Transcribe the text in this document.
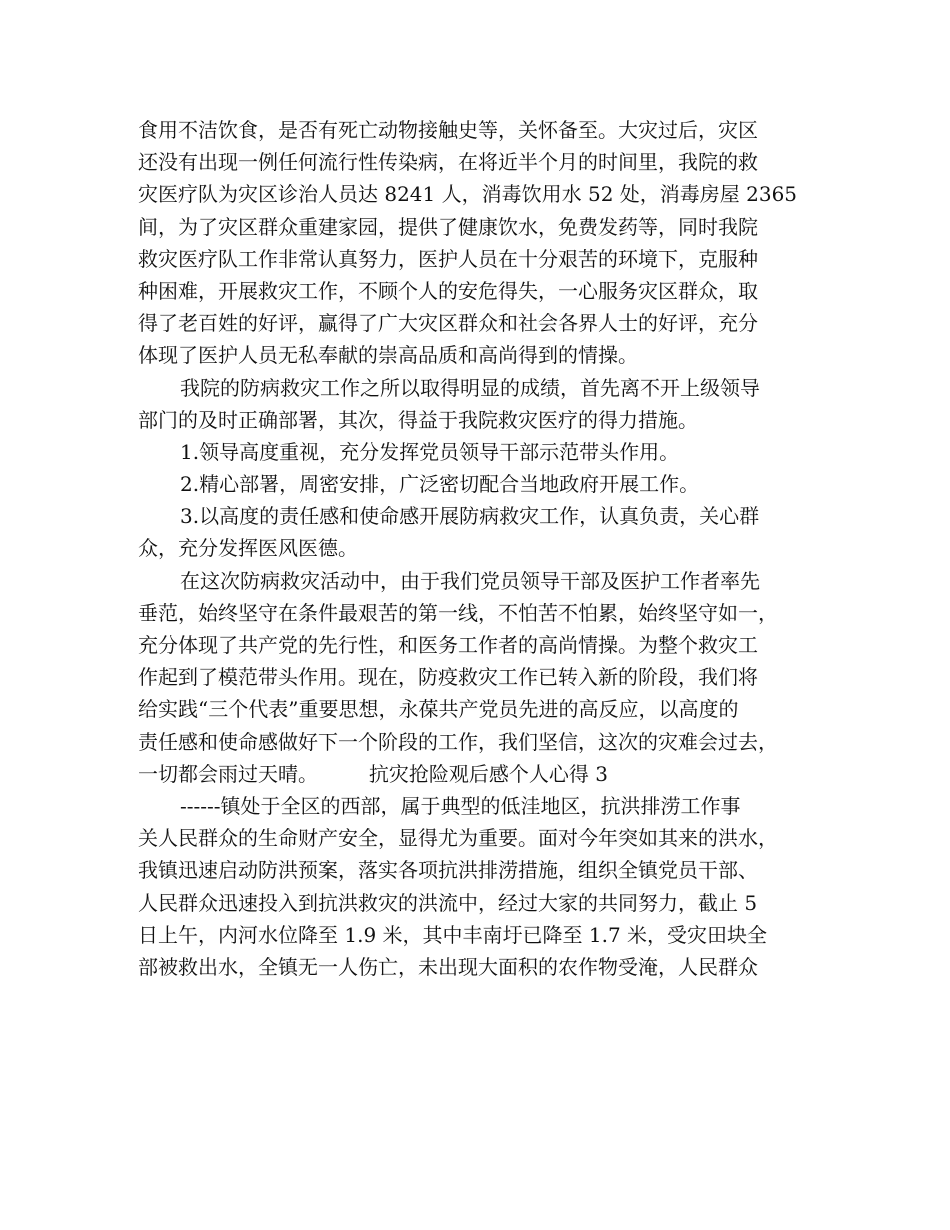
食用不洁饮食，是否有死亡动物接触史等，关怀备至。大灾过后，灾区
还没有出现一例任何流行性传染病，在将近半个月的时间里，我院的救
灾医疗队为灾区诊治人员达 8241 人，消毒饮用水 52 处，消毒房屋 2365
间，为了灾区群众重建家园，提供了健康饮水，免费发药等，同时我院
救灾医疗队工作非常认真努力，医护人员在十分艰苦的环境下，克服种
种困难，开展救灾工作，不顾个人的安危得失，一心服务灾区群众，取
得了老百姓的好评，赢得了广大灾区群众和社会各界人士的好评，充分
体现了医护人员无私奉献的崇高品质和高尚得到的情操。
我院的防病救灾工作之所以取得明显的成绩，首先离不开上级领导
部门的及时正确部署，其次，得益于我院救灾医疗的得力措施。
1.领导高度重视，充分发挥党员领导干部示范带头作用。
2.精心部署，周密安排，广泛密切配合当地政府开展工作。
3.以高度的责任感和使命感开展防病救灾工作，认真负责，关心群
众，充分发挥医风医德。
在这次防病救灾活动中，由于我们党员领导干部及医护工作者率先
垂范，始终坚守在条件最艰苦的第一线，不怕苦不怕累，始终坚守如一，
充分体现了共产党的先行性，和医务工作者的高尚情操。为整个救灾工
作起到了模范带头作用。现在，防疫救灾工作已转入新的阶段，我们将
给实践“三个代表”重要思想，永葆共产党员先进的高反应，以高度的
责任感和使命感做好下一个阶段的工作，我们坚信，这次的灾难会过去，
一切都会雨过天晴。        抗灾抢险观后感个人心得 3
------镇处于全区的西部，属于典型的低洼地区，抗洪排涝工作事
关人民群众的生命财产安全，显得尤为重要。面对今年突如其来的洪水，
我镇迅速启动防洪预案，落实各项抗洪排涝措施，组织全镇党员干部、
人民群众迅速投入到抗洪救灾的洪流中，经过大家的共同努力，截止 5
日上午，内河水位降至 1.9 米，其中丰南圩已降至 1.7 米，受灾田块全
部被救出水，全镇无一人伤亡，未出现大面积的农作物受淹，人民群众
